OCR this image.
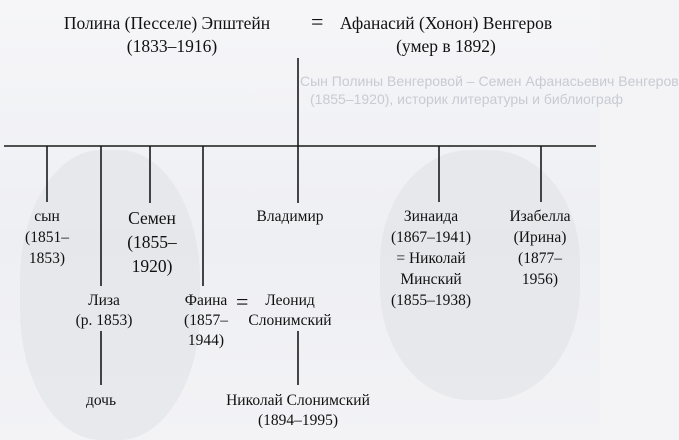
Сын Полины Венгеровой – Семен Афанасьевич Венгеров
(1855–1920), историк литературы и библиограф
Полина (Песселе) Эпштейн
(1833–1916)
= Афанасий (Хонон) Венгеров
(умер в 1892)
сын
(1851–
1853)
Семен
(1855–
1920)
Владимир	Зинаида
(1867–1941)
= Николай
Минский
(1855–1938)
Изабелла
(Ирина)
(1877–
1956)
Лиза
(р. 1853)
дочь
Фаина
(1857–
1944)
= Леонид
Слонимский
Николай Слонимский
(1894–1995)
